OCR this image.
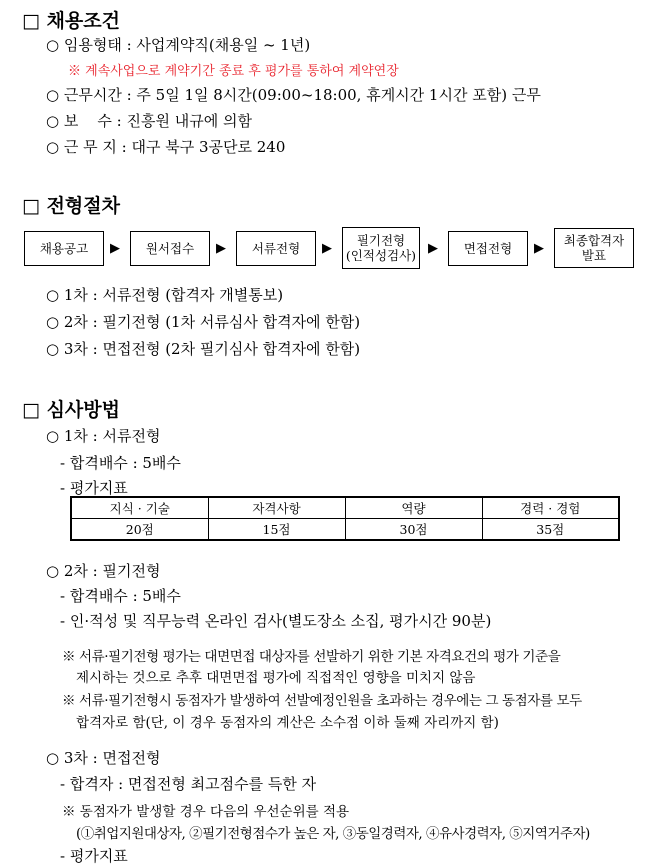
□ 채용조건
○ 임용형태 : 사업계약직(채용일 ~ 1년)
※ 계속사업으로 계약기간 종료 후 평가를 통하여 계약연장
○ 근무시간 : 주 5일 1일 8시간(09:00~18:00, 휴게시간 1시간 포함) 근무
○ 보    수 : 진흥원 내규에 의함
○ 근 무 지 : 대구 북구 3공단로 240
□ 전형절차
채용공고	▶	원서접수	▶	서류전형	▶
필기전형
(인적성검사) ▶	면접전형	▶
최종합격자
발표
○ 1차 : 서류전형 (합격자 개별통보)
○ 2차 : 필기전형 (1차 서류심사 합격자에 한함)
○ 3차 : 면접전형 (2차 필기심사 합격자에 한함)
□ 심사방법
○ 1차 : 서류전형
- 합격배수 : 5배수
- 평가지표
지식 · 기술	자격사항	역량	경력 · 경험
20점	15점	30점	35점
○ 2차 : 필기전형
- 합격배수 : 5배수
- 인·적성 및 직무능력 온라인 검사(별도장소 소집, 평가시간 90분)
※ 서류·필기전형 평가는 대면면접 대상자를 선발하기 위한 기본 자격요건의 평가 기준을
제시하는 것으로 추후 대면면접 평가에 직접적인 영향을 미치지 않음
※ 서류·필기전형시 동점자가 발생하여 선발예정인원을 초과하는 경우에는 그 동점자를 모두
합격자로 함(단, 이 경우 동점자의 계산은 소수점 이하 둘째 자리까지 함)
○ 3차 : 면접전형
- 합격자 : 면접전형 최고점수를 득한 자
※ 동점자가 발생할 경우 다음의 우선순위를 적용
(①취업지원대상자, ②필기전형점수가 높은 자, ③동일경력자, ④유사경력자, ⑤지역거주자)
- 평가지표
